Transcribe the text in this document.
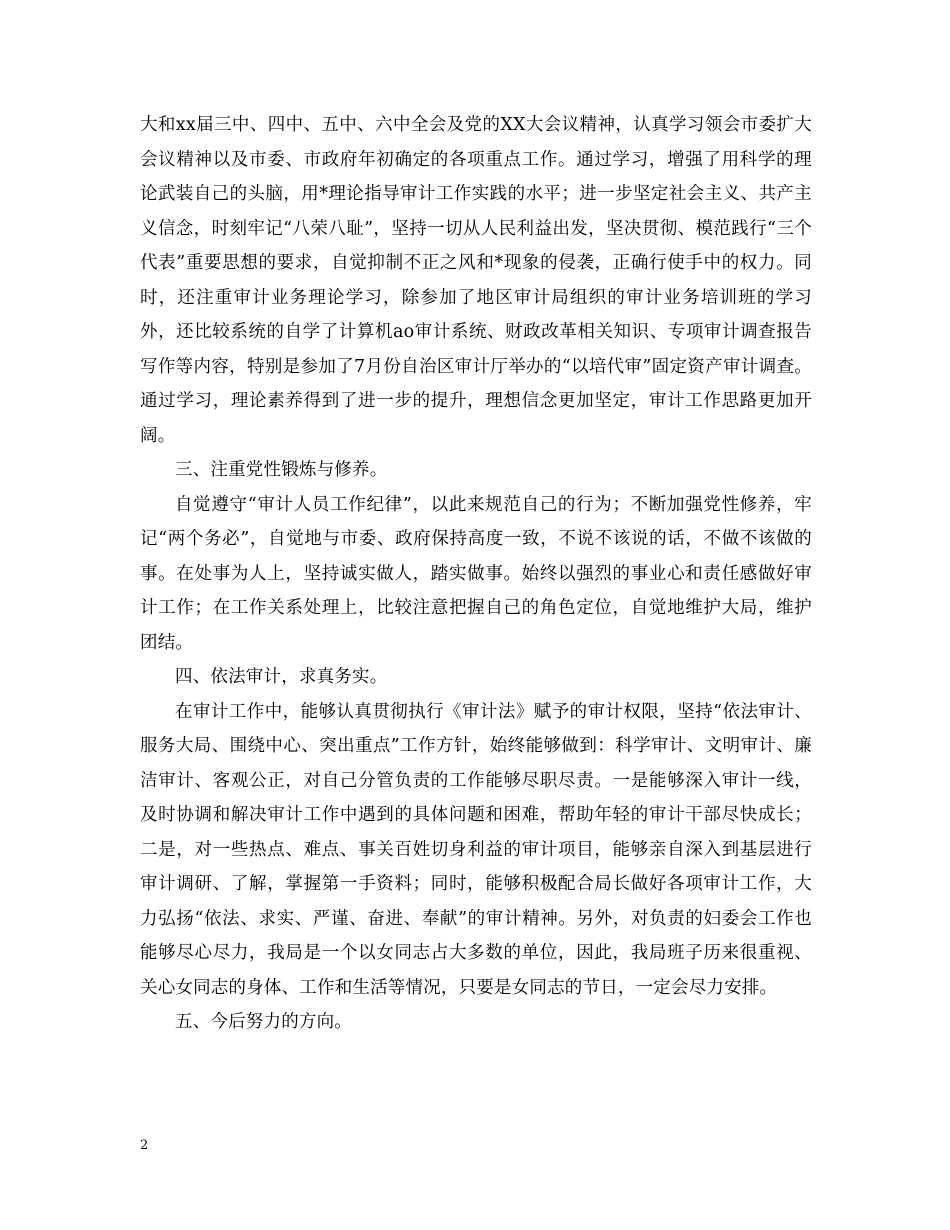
大和xx届三中、四中、五中、六中全会及党的XX大会议精神，认真学习领会市委扩大会议精神以及市委、市政府年初确定的各项重点工作。通过学习，增强了用科学的理论武装自己的头脑，用*理论指导审计工作实践的水平；进一步坚定社会主义、共产主义信念，时刻牢记“八荣八耻”，坚持一切从人民利益出发，坚决贯彻、模范践行“三个代表”重要思想的要求，自觉抑制不正之风和*现象的侵袭，正确行使手中的权力。同时，还注重审计业务理论学习，除参加了地区审计局组织的审计业务培训班的学习外，还比较系统的自学了计算机ao审计系统、财政改革相关知识、专项审计调查报告写作等内容，特别是参加了7月份自治区审计厅举办的“以培代审”固定资产审计调查。通过学习，理论素养得到了进一步的提升，理想信念更加坚定，审计工作思路更加开阔。

三、注重党性锻炼与修养。

自觉遵守“审计人员工作纪律”，以此来规范自己的行为；不断加强党性修养，牢记“两个务必”，自觉地与市委、政府保持高度一致，不说不该说的话，不做不该做的事。在处事为人上，坚持诚实做人，踏实做事。始终以强烈的事业心和责任感做好审计工作；在工作关系处理上，比较注意把握自己的角色定位，自觉地维护大局，维护团结。

四、依法审计，求真务实。

在审计工作中，能够认真贯彻执行《审计法》赋予的审计权限，坚持“依法审计、服务大局、围绕中心、突出重点”工作方针，始终能够做到：科学审计、文明审计、廉洁审计、客观公正，对自己分管负责的工作能够尽职尽责。一是能够深入审计一线，及时协调和解决审计工作中遇到的具体问题和困难，帮助年轻的审计干部尽快成长；二是，对一些热点、难点、事关百姓切身利益的审计项目，能够亲自深入到基层进行审计调研、了解，掌握第一手资料；同时，能够积极配合局长做好各项审计工作，大力弘扬“依法、求实、严谨、奋进、奉献”的审计精神。另外，对负责的妇委会工作也能够尽心尽力，我局是一个以女同志占大多数的单位，因此，我局班子历来很重视、关心女同志的身体、工作和生活等情况，只要是女同志的节日，一定会尽力安排。

五、今后努力的方向。

2
